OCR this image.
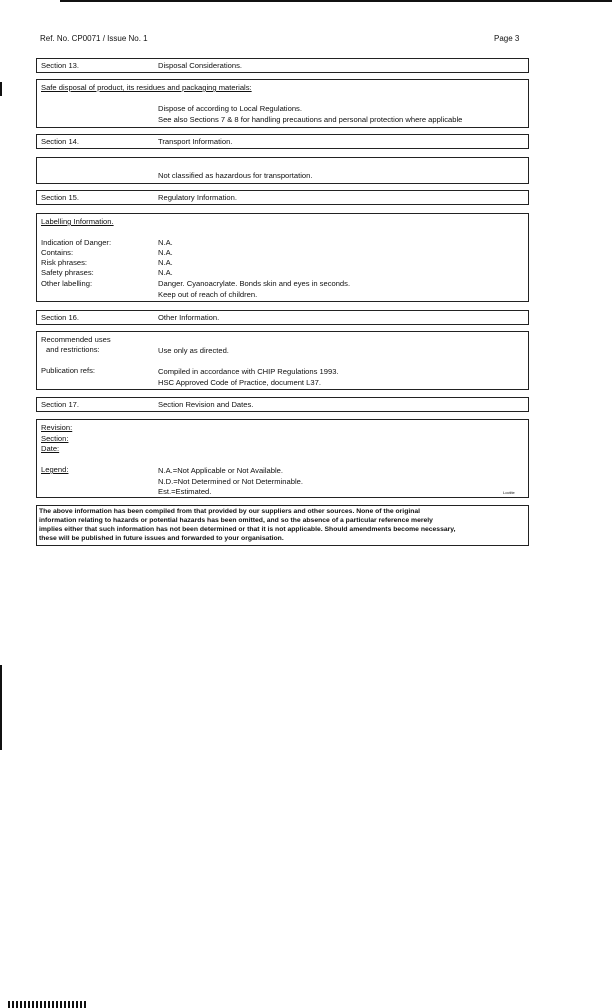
Ref. No. CP0071 / Issue No. 1	Page 3
Section 13.	Disposal Considerations.
Safe disposal of product, its residues and packaging materials:
Dispose of according to Local Regulations.
See also Sections 7 & 8 for handling precautions and personal protection where applicable
Section 14.	Transport Information.
Not classified as hazardous for transportation.
Section 15.	Regulatory Information.
Labelling Information.
Indication of Danger:	N.A.
Contains:	N.A.
Risk phrases:	N.A.
Safety phrases:	N.A.
Other labelling:	Danger. Cyanoacrylate. Bonds skin and eyes in seconds.
Keep out of reach of children.
Section 16.	Other Information.
Recommended uses
and restrictions:	Use only as directed.
Publication refs:	Compiled in accordance with CHIP Regulations 1993.
HSC Approved Code of Practice, document L37.
Section 17.	Section Revision and Dates.
Revision:
Section:
Date:
Legend:	N.A.=Not Applicable or Not Available.
N.D.=Not Determined or Not Determinable.
Est.=Estimated.	Loctite
The above information has been compiled from that provided by our suppliers and other sources. None of the original
information relating to hazards or potential hazards has been omitted, and so the absence of a particular reference merely
implies either that such information has not been determined or that it is not applicable. Should amendments become necessary,
these will be published in future issues and forwarded to your organisation.
